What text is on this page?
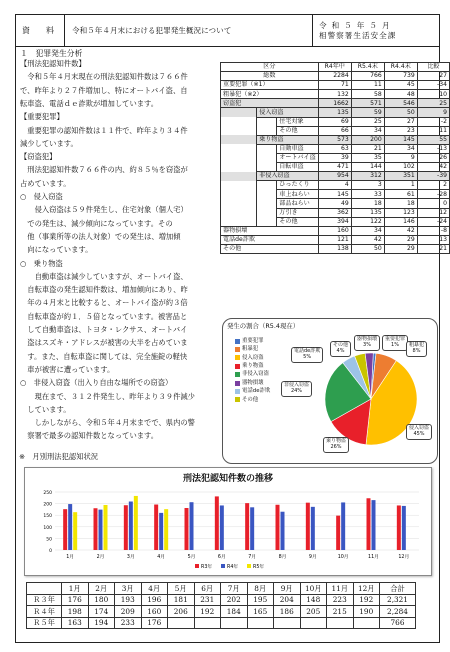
資　料	令和５年４月末における犯罪発生概況について
令和５年５月
相警察署生活安全課
１　犯罪発生分析
【刑法犯認知件数】
　令和５年４月末現在の刑法犯認知件数は７６６件
で、昨年より２７件増加し、特にオートバイ盗、自
転車盗、電話ｄｅ詐欺が増加しています。
【重要犯罪】
　重要犯罪の認知件数は１１件で、昨年より３４件
減少しています。
【窃盗犯】
　刑法犯認知件数７６６件の内、約８５％を窃盗が
占めています。
○　侵入窃盗
　　侵入窃盗は５９件発生し、住宅対象（個人宅）
　での発生は、減少傾向になっています。その
　他（事業所等の法人対象）での発生は、増加傾
　向になっています。
○　乗り物盗
　　自動車盗は減少していますが、オートバイ盗、
　自転車盗の発生認知件数は、増加傾向にあり、昨
　年の４月末と比較すると、オートバイ盗が約３倍
　自転車盗が約１．５倍となっています。被害品と
　して自動車盗は、トヨタ・レクサス、オートバイ
　盗はスズキ・アドレスが被害の大半を占めていま
　す。また、自転車盗に関しては、完全施錠の軽快
　車が被害に遭っています。
○　非侵入窃盗（出入り自由な場所での窃盗）
　　現在まで、３１２件発生し、昨年より３９件減少
　しています。
　　しかしながら、令和５年４月末までで、県内の警
　察署で最多の認知件数となっています。
区分			R4年中	R5.4末	R4.4末	比較
総数			2284	766	739	27
重要犯罪（※1）			71	11	45	-34
粗暴犯（※2）			132	58	48	10
窃盗犯			1662	571	546	25
	侵入窃盗		135	59	50	9
		住宅対象	69	25	27	-2
		その他	66	34	23	11
	乗り物盗		573	200	145	55
		自動車盗	63	21	34	-13
		オートバイ盗	39	35	9	26
		自転車盗	471	144	102	42
	非侵入窃盗		954	312	351	-39
		ひったくり	4	3	1	2
		車上ねらい	145	33	61	-28
		部品ねらい	49	18	18	0
		万引き	362	135	123	12
		その他	394	122	146	-24
器物損壊			160	34	42	-8
電話de詐欺			121	42	29	13
その他			138	50	29	21
発生の割合（R5.4現在）
重要犯罪
粗暴犯
侵入窃盗
乗り物盗
非侵入窃盗
器物損壊
電話de詐欺
その他
器物損壊
3%
重要犯罪
1%
その他
4%
電話de詐欺
5%
粗暴犯
8%
非侵入窃盗
24%
侵入窃盗
45%
乗り物盗
26%
※　月別刑法犯認知状況
刑法犯認知件数の推移
0
50
100
150
200
250
1月	2月	3月	4月	5月	6月	7月	8月	9月	10月	11月	12月
R3年	R4年	R5年
	1月	2月	3月	4月	5月	6月	7月	8月	9月	10月	11月	12月	合計
Ｒ３年	176	180	193	196	181	231	202	195	204	148	223	192	2,321
Ｒ４年	198	174	209	160	206	192	184	165	186	205	215	190	2,284
Ｒ５年	163	194	233	176									766
